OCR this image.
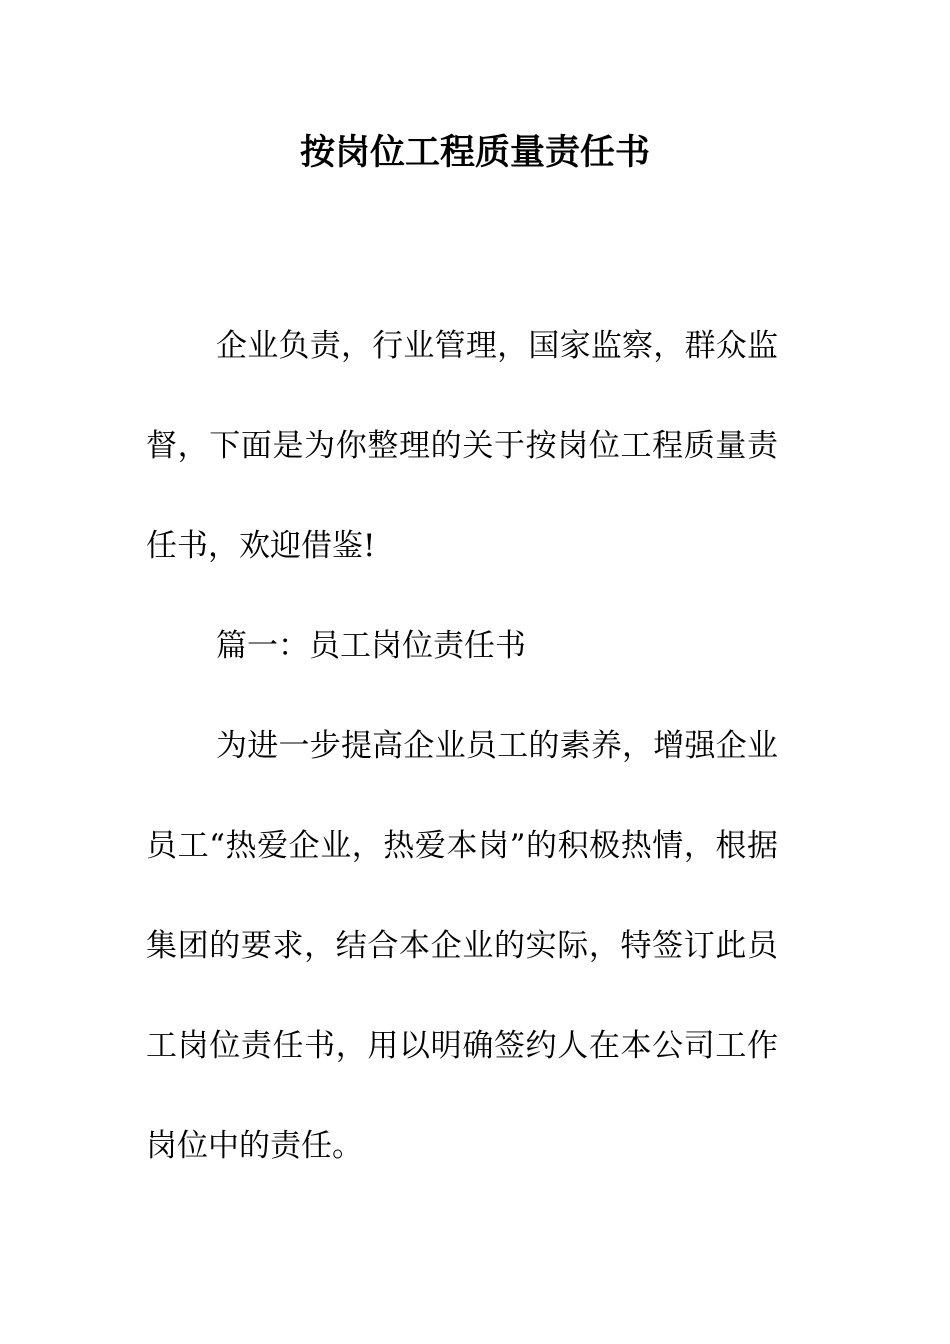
按岗位工程质量责任书

企业负责，行业管理，国家监察，群众监督，下面是为你整理的关于按岗位工程质量责任书，欢迎借鉴!

篇一：员工岗位责任书

为进一步提高企业员工的素养，增强企业员工“热爱企业，热爱本岗”的积极热情，根据集团的要求，结合本企业的实际，特签订此员工岗位责任书，用以明确签约人在本公司工作岗位中的责任。
